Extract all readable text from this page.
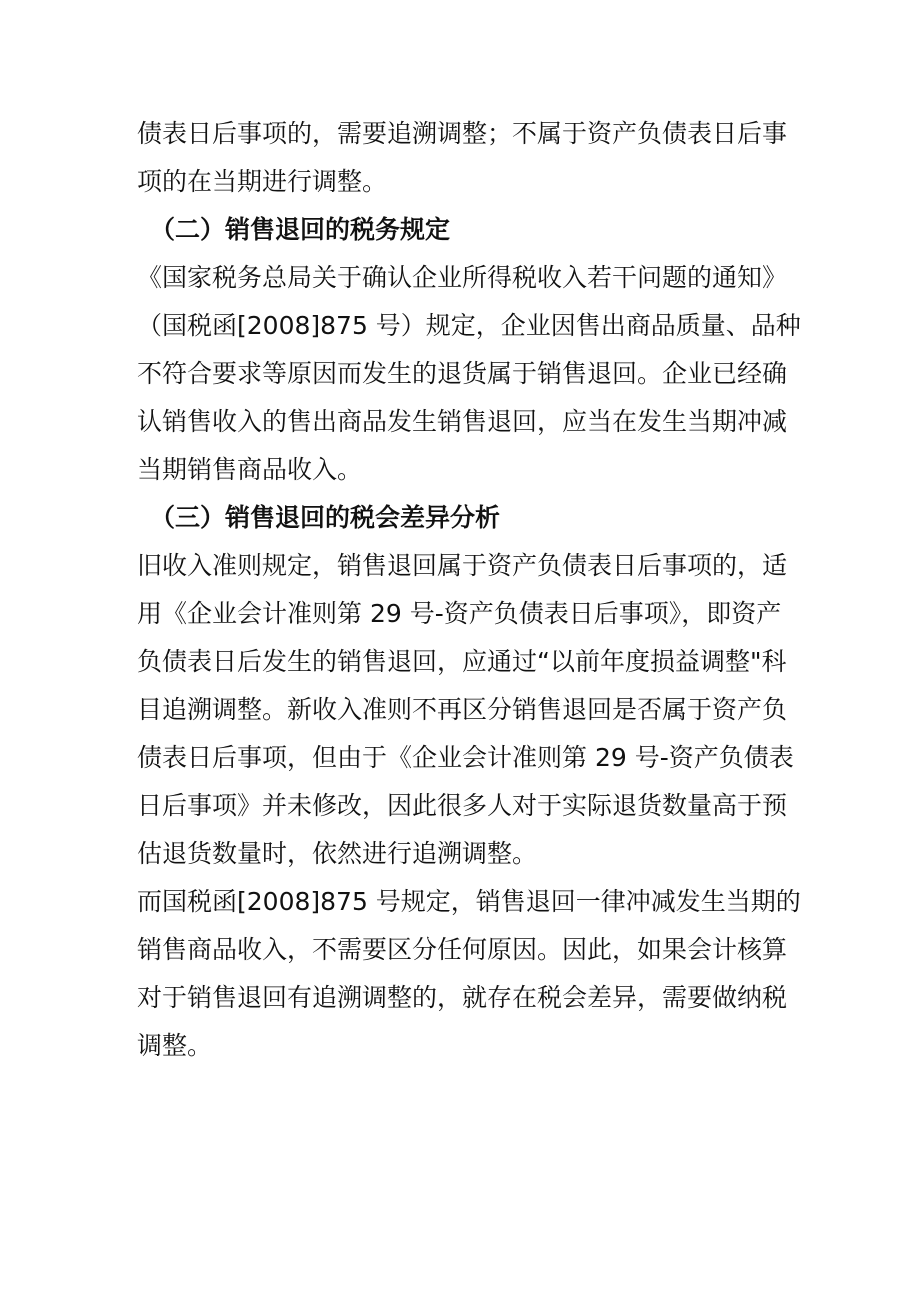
债表日后事项的，需要追溯调整；不属于资产负债表日后事

项的在当期进行调整。

（二）销售退回的税务规定

《国家税务总局关于确认企业所得税收入若干问题的通知》

（国税函[2008]875 号）规定，企业因售出商品质量、品种

不符合要求等原因而发生的退货属于销售退回。企业已经确

认销售收入的售出商品发生销售退回，应当在发生当期冲减

当期销售商品收入。

（三）销售退回的税会差异分析

旧收入准则规定，销售退回属于资产负债表日后事项的，适

用《企业会计准则第 29 号-资产负债表日后事项》，即资产

负债表日后发生的销售退回，应通过“以前年度损益调整"科

目追溯调整。新收入准则不再区分销售退回是否属于资产负

债表日后事项，但由于《企业会计准则第 29 号-资产负债表

日后事项》并未修改，因此很多人对于实际退货数量高于预

估退货数量时，依然进行追溯调整。

而国税函[2008]875 号规定，销售退回一律冲减发生当期的

销售商品收入，不需要区分任何原因。因此，如果会计核算

对于销售退回有追溯调整的，就存在税会差异，需要做纳税

调整。
